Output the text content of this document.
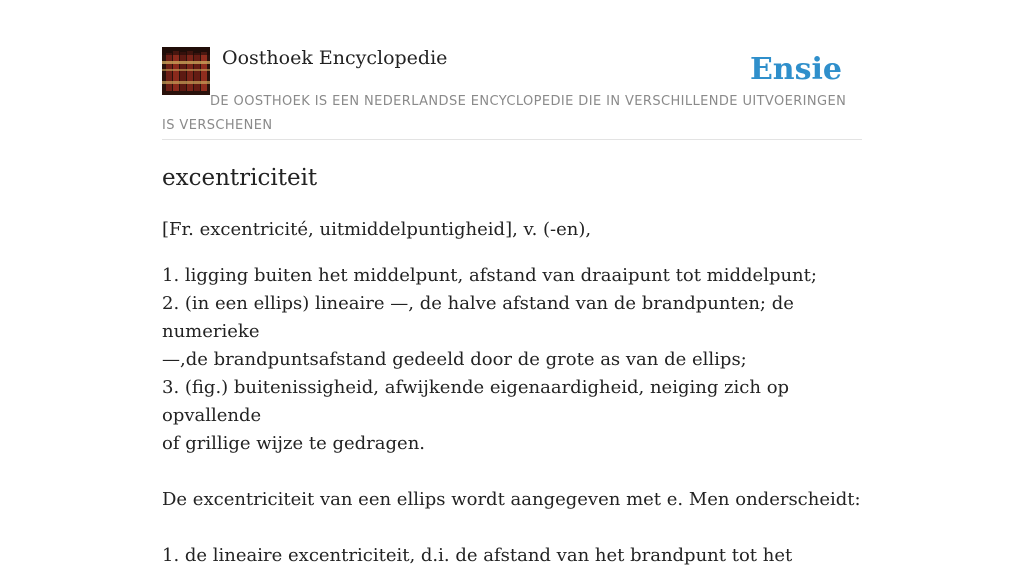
Oosthoek Encyclopedie	Ensie
DE OOSTHOEK IS EEN NEDERLANDSE ENCYCLOPEDIE DIE IN VERSCHILLENDE UITVOERINGEN IS VERSCHENEN
excentriciteit

[Fr. excentricité, uitmiddelpuntigheid], v. (-en),

1. ligging buiten het middelpunt, afstand van draaipunt tot middelpunt;
2. (in een ellips) lineaire —, de halve afstand van de brandpunten; de numerieke
—,de brandpuntsafstand gedeeld door de grote as van de ellips;
3. (fig.) buitenissigheid, afwijkende eigenaardigheid, neiging zich op opvallende
of grillige wijze te gedragen.
De excentriciteit van een ellips wordt aangegeven met e. Men onderscheidt:
1. de lineaire excentriciteit, d.i. de afstand van het brandpunt tot het
